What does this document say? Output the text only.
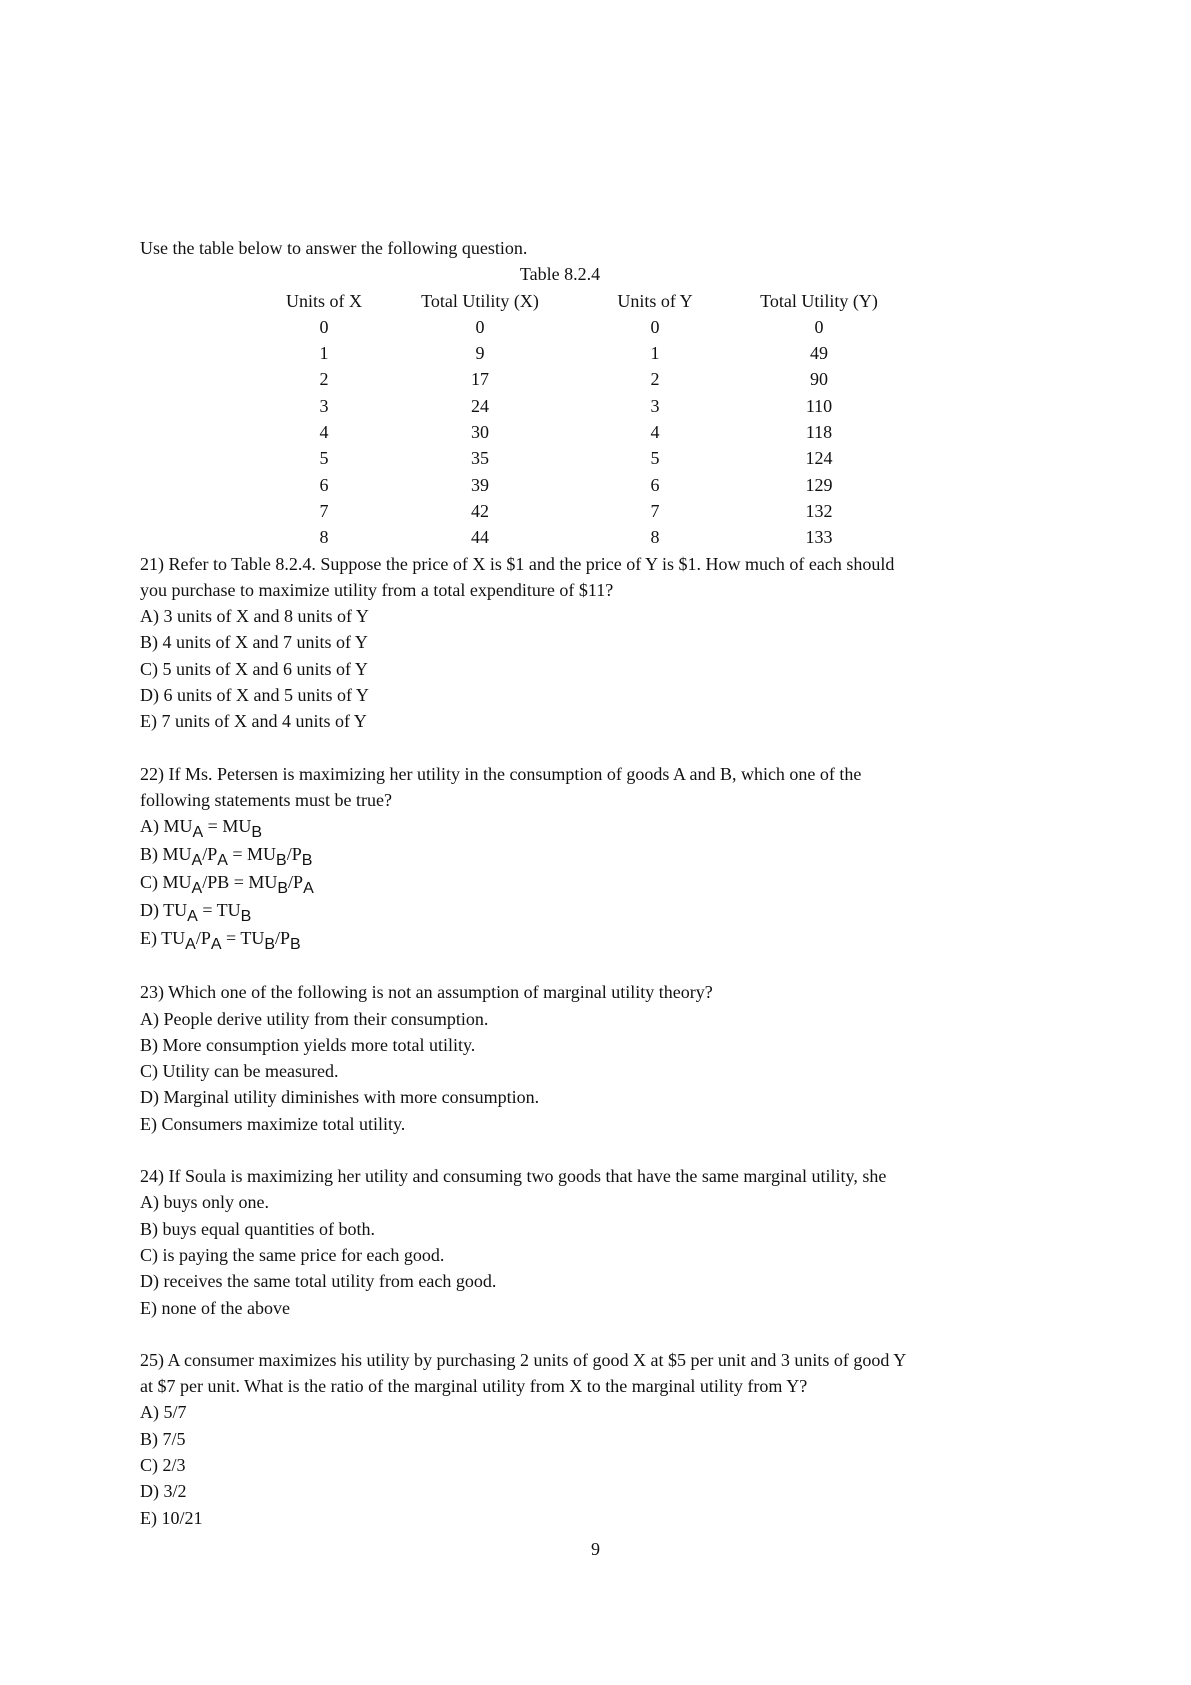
Use the table below to answer the following question.
Table 8.2.4
Units of X	Total Utility (X)	Units of Y	Total Utility (Y)
0	0	0	0
1	9	1	49
2	17	2	90
3	24	3	110
4	30	4	118
5	35	5	124
6	39	6	129
7	42	7	132
8	44	8	133
21) Refer to Table 8.2.4. Suppose the price of X is $1 and the price of Y is $1. How much of each should
you purchase to maximize utility from a total expenditure of $11?
A) 3 units of X and 8 units of Y
B) 4 units of X and 7 units of Y
C) 5 units of X and 6 units of Y
D) 6 units of X and 5 units of Y
E) 7 units of X and 4 units of Y
22) If Ms. Petersen is maximizing her utility in the consumption of goods A and B, which one of the
following statements must be true?
A) MUA = MUB
B) MUA/PA = MUB/PB
C) MUA/PB = MUB/PA
D) TUA = TUB
E) TUA/PA = TUB/PB
23) Which one of the following is not an assumption of marginal utility theory?
A) People derive utility from their consumption.
B) More consumption yields more total utility.
C) Utility can be measured.
D) Marginal utility diminishes with more consumption.
E) Consumers maximize total utility.
24) If Soula is maximizing her utility and consuming two goods that have the same marginal utility, she
A) buys only one.
B) buys equal quantities of both.
C) is paying the same price for each good.
D) receives the same total utility from each good.
E) none of the above
25) A consumer maximizes his utility by purchasing 2 units of good X at $5 per unit and 3 units of good Y
at $7 per unit. What is the ratio of the marginal utility from X to the marginal utility from Y?
A) 5/7
B) 7/5
C) 2/3
D) 3/2
E) 10/21
9
